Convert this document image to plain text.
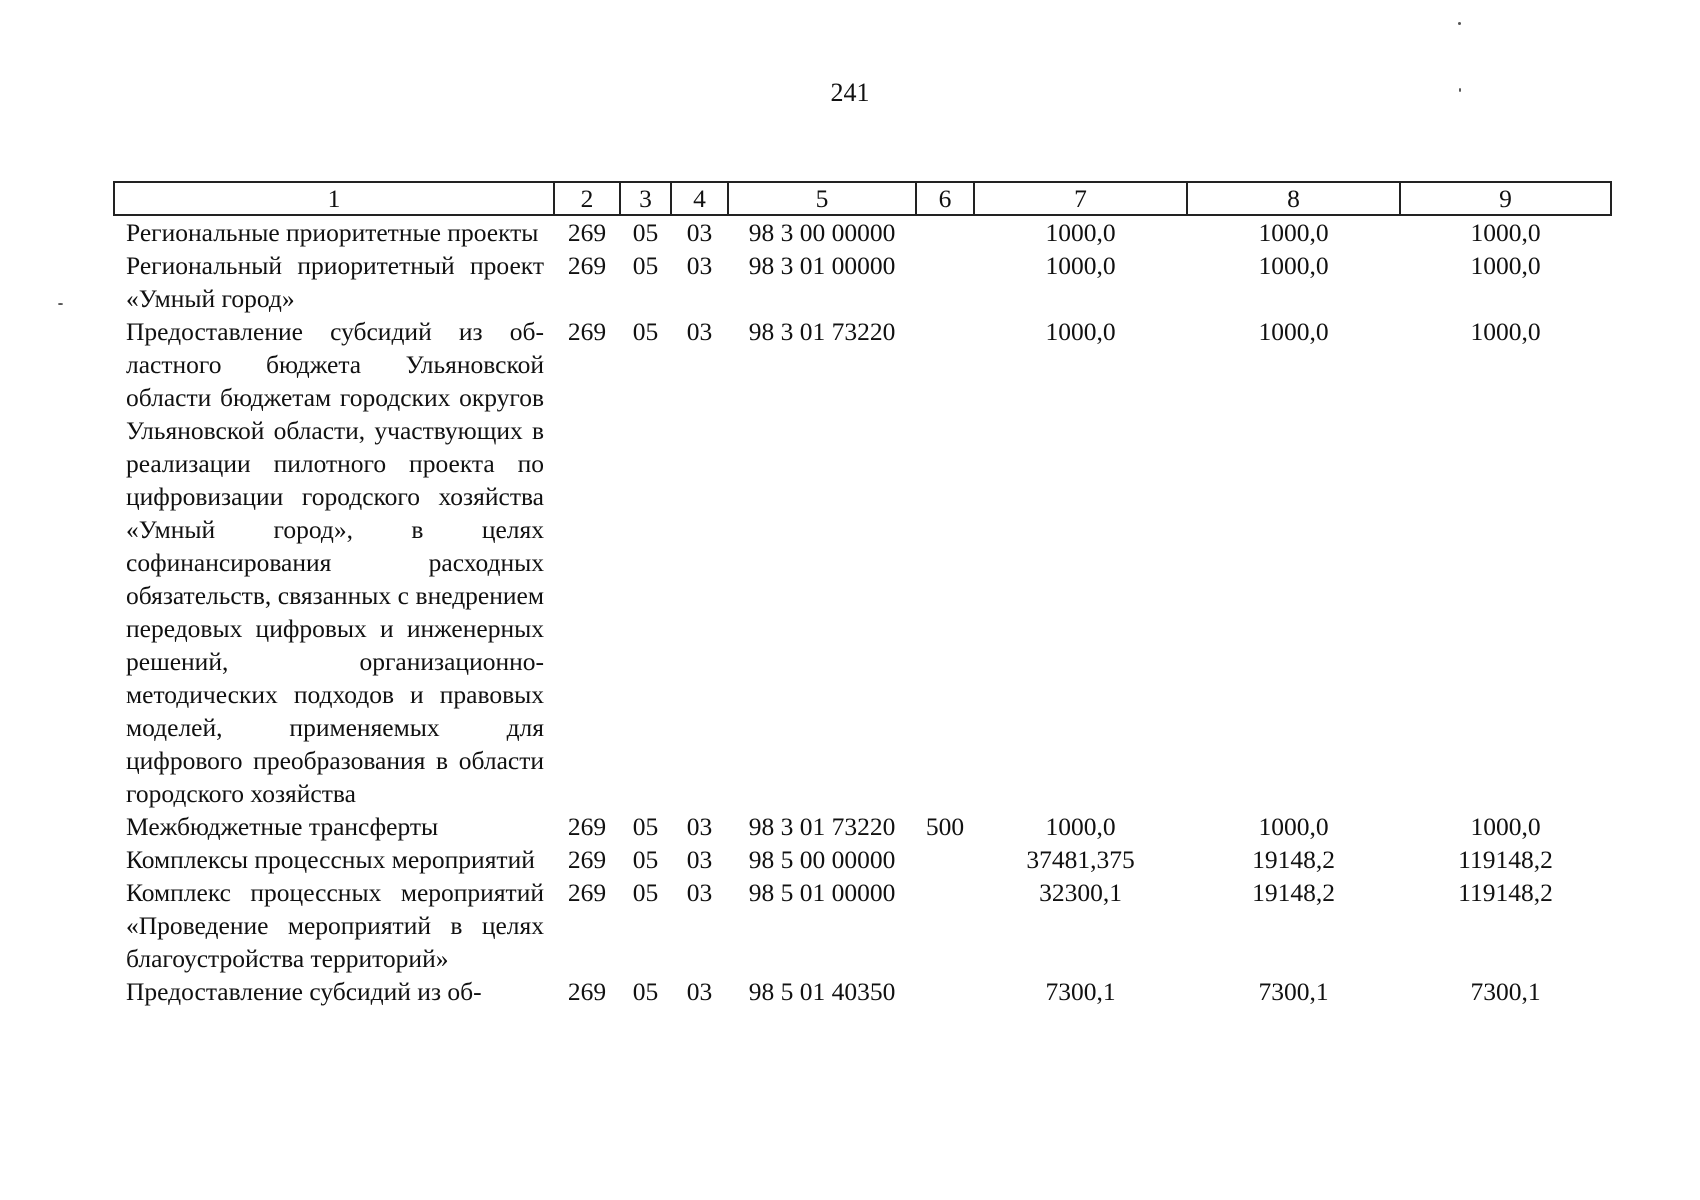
241
1	2	3	4	5	6	7	8	9
Региональные приоритетные проекты	269	05	03	98 3 00 00000		1000,0	1000,0	1000,0
Региональный приоритетный проект «Умный город»	269	05	03	98 3 01 00000		1000,0	1000,0	1000,0
Предоставление субсидий из областного бюджета Ульяновской области бюджетам городских округов Ульяновской области, участвующих в реализации пилотного проекта по цифровизации городского хозяйства «Умный город», в целях софинансирования расходных обязательств, связанных с внедрением передовых цифровых и инженерных решений, организационно-методических подходов и правовых моделей, применяемых для цифрового преобразования в области городского хозяйства	269	05	03	98 3 01 73220		1000,0	1000,0	1000,0
Межбюджетные трансферты	269	05	03	98 3 01 73220	500	1000,0	1000,0	1000,0
Комплексы процессных мероприятий	269	05	03	98 5 00 00000		37481,375	19148,2	119148,2
Комплекс процессных мероприятий «Проведение мероприятий в целях благоустройства территорий»	269	05	03	98 5 01 00000		32300,1	19148,2	119148,2
Предоставление субсидий из об-	269	05	03	98 5 01 40350		7300,1	7300,1	7300,1
